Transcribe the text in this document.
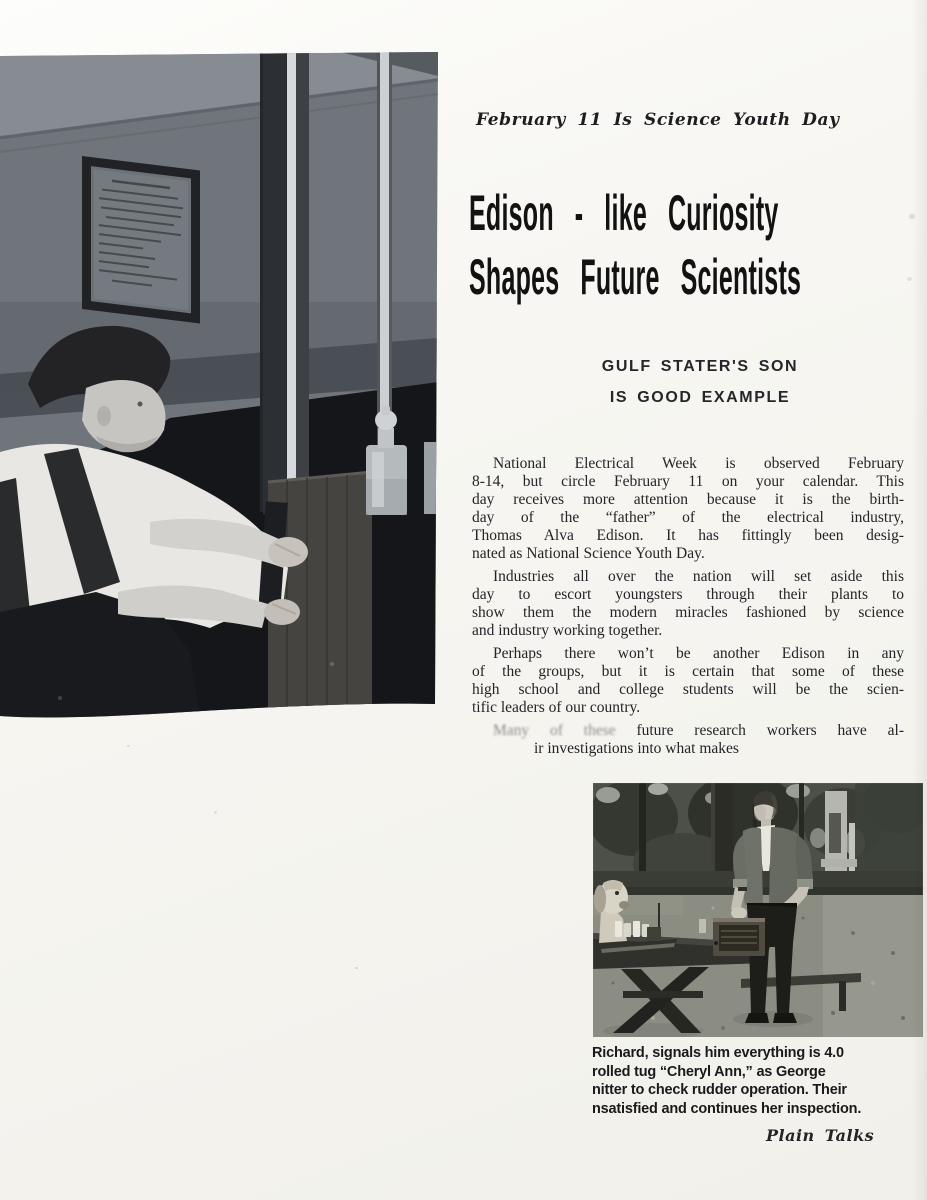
February 11 Is Science Youth Day
Edison - like Curiosity
Shapes Future Scientists
GULF STATER'S SON
IS GOOD EXAMPLE
National Electrical Week is observed February
8-14, but circle February 11 on your calendar. This
day receives more attention because it is the birth-
day of the “father” of the electrical industry,
Thomas Alva Edison. It has fittingly been desig-
nated as National Science Youth Day.
Industries all over the nation will set aside this
day to escort youngsters through their plants to
show them the modern miracles fashioned by science
and industry working together.
Perhaps there won’t be another Edison in any
of the groups, but it is certain that some of these
high school and college students will be the scien-
tific leaders of our country.
Many of these future research workers have al-
ir investigations into what makes
Richard, signals him everything is 4.0
rolled tug “Cheryl Ann,” as George
nitter to check rudder operation. Their
nsatisfied and continues her inspection.
Plain Talks
